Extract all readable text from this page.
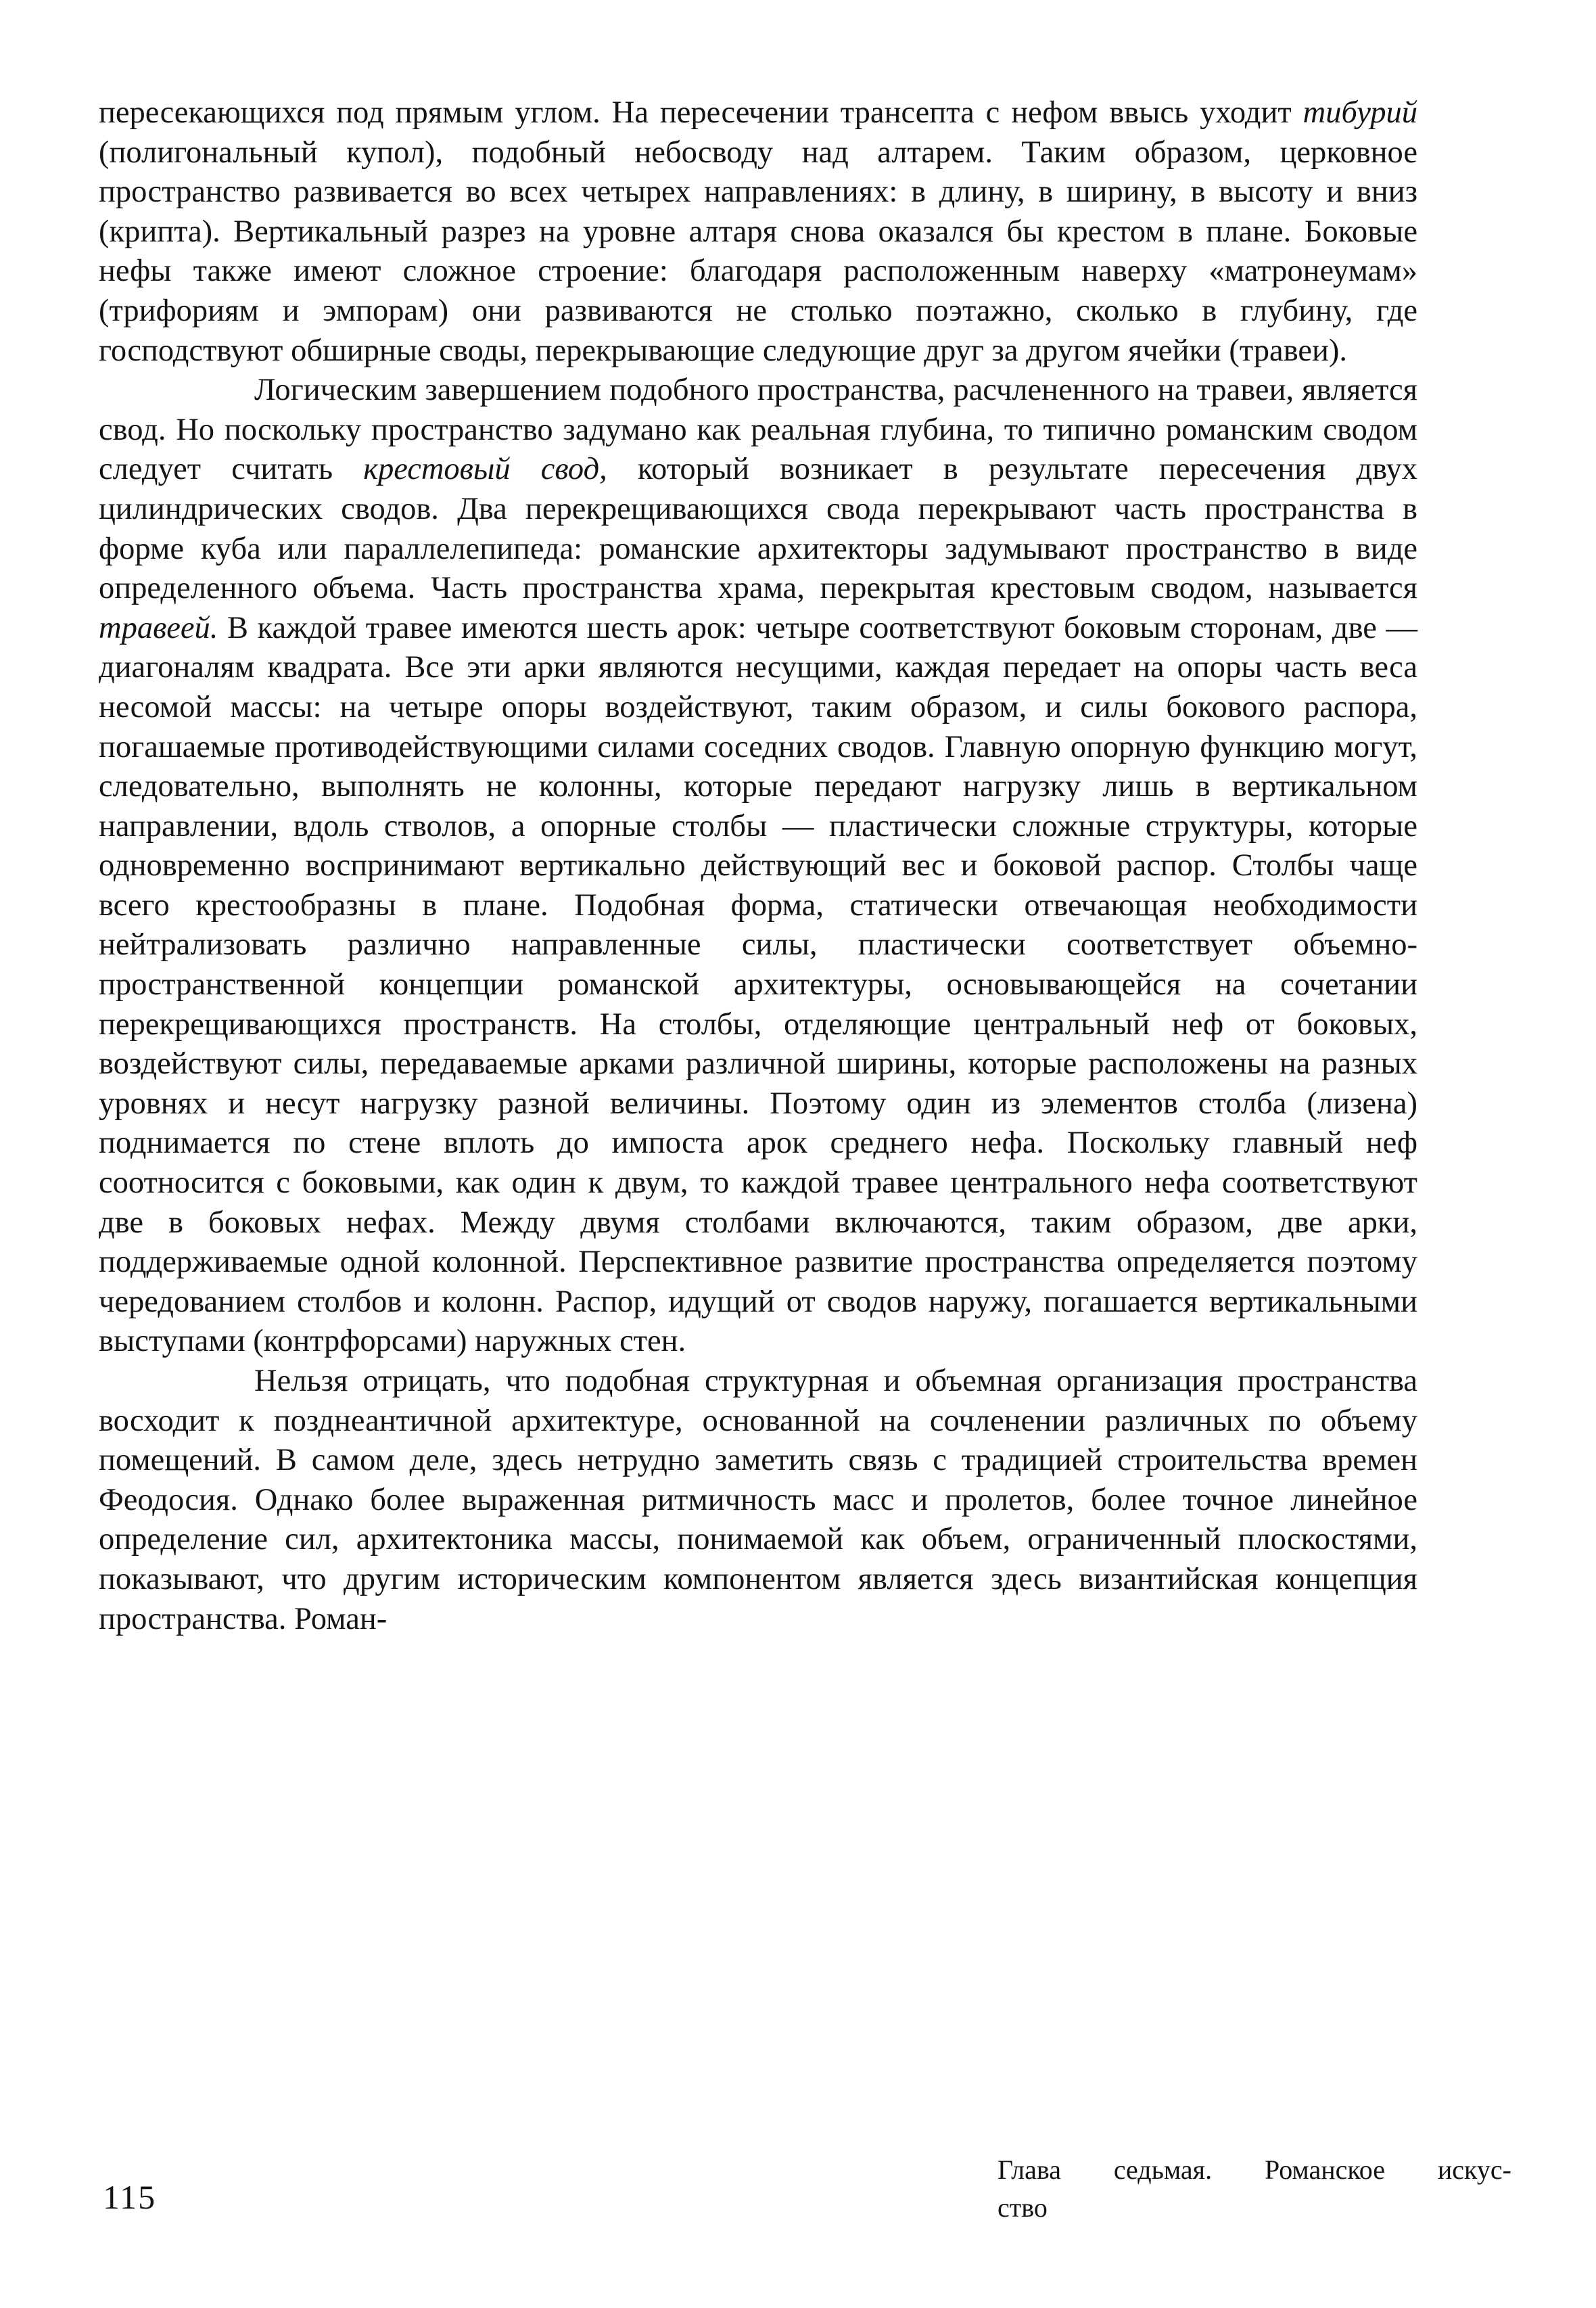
пересекающихся под прямым углом. На пересечении трансепта с нефом ввысь уходит тибурий (полигональный купол), подобный небосводу над алтарем. Таким образом, церковное пространство развивается во всех четырех направлениях: в длину, в ширину, в высоту и вниз (крипта). Вертикальный разрез на уровне алтаря снова оказался бы крестом в плане. Боковые нефы также имеют сложное строение: благодаря расположенным наверху «матронеумам» (трифориям и эмпорам) они развиваются не столько поэтажно, сколько в глубину, где господствуют обширные своды, перекрывающие следующие друг за другом ячейки (травеи).

Логическим завершением подобного пространства, расчлененного на травеи, является свод. Но поскольку пространство задумано как реальная глубина, то типично романским сводом следует считать крестовый свод, который возникает в результате пересечения двух цилиндрических сводов. Два перекрещивающихся свода перекрывают часть пространства в форме куба или параллелепипеда: романские архитекторы задумывают пространство в виде определенного объема. Часть пространства храма, перекрытая крестовым сводом, называется травеей. В каждой травее имеются шесть арок: четыре соответствуют боковым сторонам, две — диагоналям квадрата. Все эти арки являются несущими, каждая передает на опоры часть веса несомой массы: на четыре опоры воздействуют, таким образом, и силы бокового распора, погашаемые противодействующими силами соседних сводов. Главную опорную функцию могут, следовательно, выполнять не колонны, которые передают нагрузку лишь в вертикальном направлении, вдоль стволов, а опорные столбы — пластически сложные структуры, которые одновременно воспринимают вертикально действующий вес и боковой распор. Столбы чаще всего крестообразны в плане. Подобная форма, статически отвечающая необходимости нейтрализовать различно направленные силы, пластически соответствует объемно-пространственной концепции романской архитектуры, основывающейся на сочетании перекрещивающихся пространств. На столбы, отделяющие центральный неф от боковых, воздействуют силы, передаваемые арками различной ширины, которые расположены на разных уровнях и несут нагрузку разной величины. Поэтому один из элементов столба (лизена) поднимается по стене вплоть до импоста арок среднего нефа. Поскольку главный неф соотносится с боковыми, как один к двум, то каждой травее центрального нефа соответствуют две в боковых нефах. Между двумя столбами включаются, таким образом, две арки, поддерживаемые одной колонной. Перспективное развитие пространства определяется поэтому чередованием столбов и колонн. Распор, идущий от сводов наружу, погашается вертикальными выступами (контрфорсами) наружных стен.

Нельзя отрицать, что подобная структурная и объемная организация пространства восходит к позднеантичной архитектуре, основанной на сочленении различных по объему помещений. В самом деле, здесь нетрудно заметить связь с традицией строительства времен Феодосия. Однако более выраженная ритмичность масс и пролетов, более точное линейное определение сил, архитектоника массы, понимаемой как объем, ограниченный плоскостями, показывают, что другим историческим компонентом является здесь византийская концепция пространства. Роман-

115
Глава седьмая. Романское искус-
ство
